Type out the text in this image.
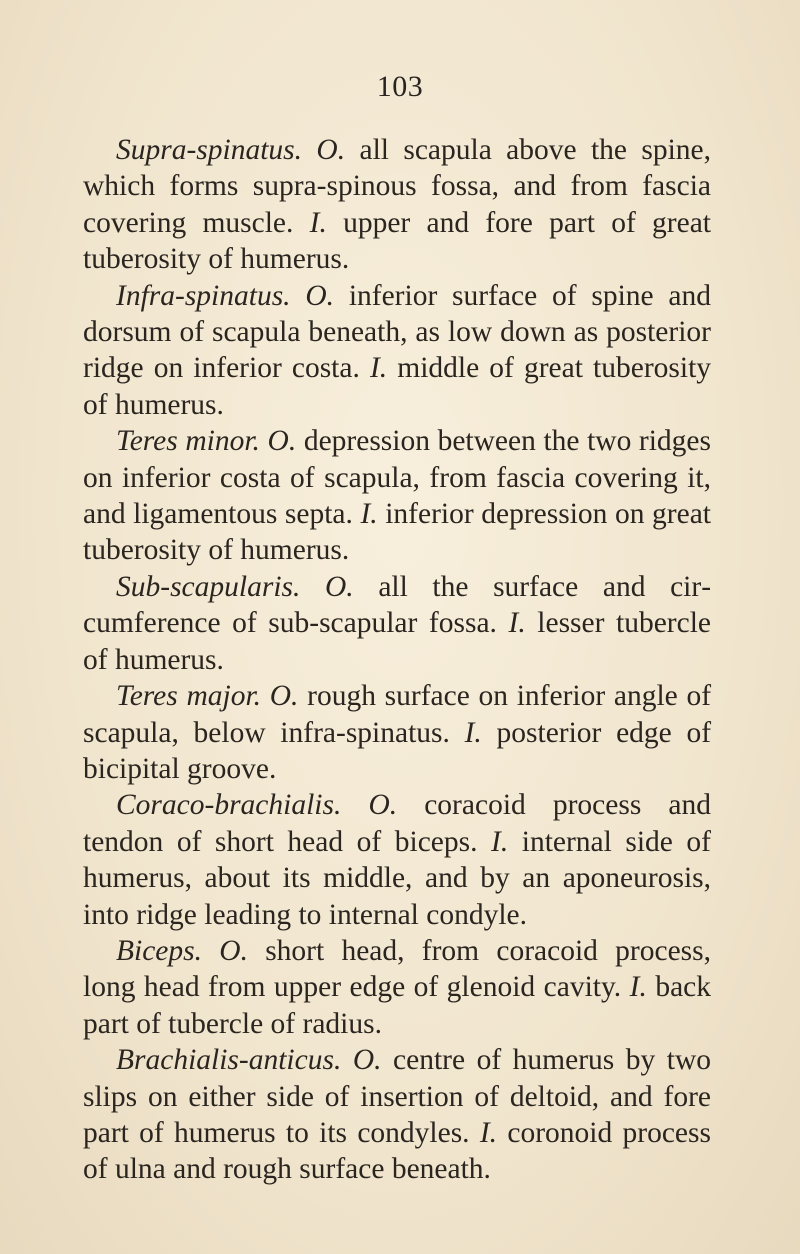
103

Supra-spinatus. O. all scapula above the spine, which forms supra-spinous fossa, and from fascia covering muscle. I. upper and fore part of great tuberosity of humerus.

Infra-spinatus. O. inferior surface of spine and dorsum of scapula beneath, as low down as posterior ridge on inferior costa. I. middle of great tuberosity of humerus.

Teres minor. O. depression between the two ridges on inferior costa of scapula, from fascia covering it, and ligamentous septa. I. inferior depression on great tuberosity of humerus.

Sub-scapularis. O. all the surface and circumference of sub-scapular fossa. I. lesser tubercle of humerus.

Teres major. O. rough surface on inferior angle of scapula, below infra-spinatus. I. posterior edge of bicipital groove.

Coraco-brachialis. O. coracoid process and tendon of short head of biceps. I. internal side of humerus, about its middle, and by an aponeurosis, into ridge leading to internal condyle.

Biceps. O. short head, from coracoid process, long head from upper edge of glenoid cavity. I. back part of tubercle of radius.

Brachialis-anticus. O. centre of humerus by two slips on either side of insertion of deltoid, and fore part of humerus to its condyles. I. coronoid process of ulna and rough surface beneath.
